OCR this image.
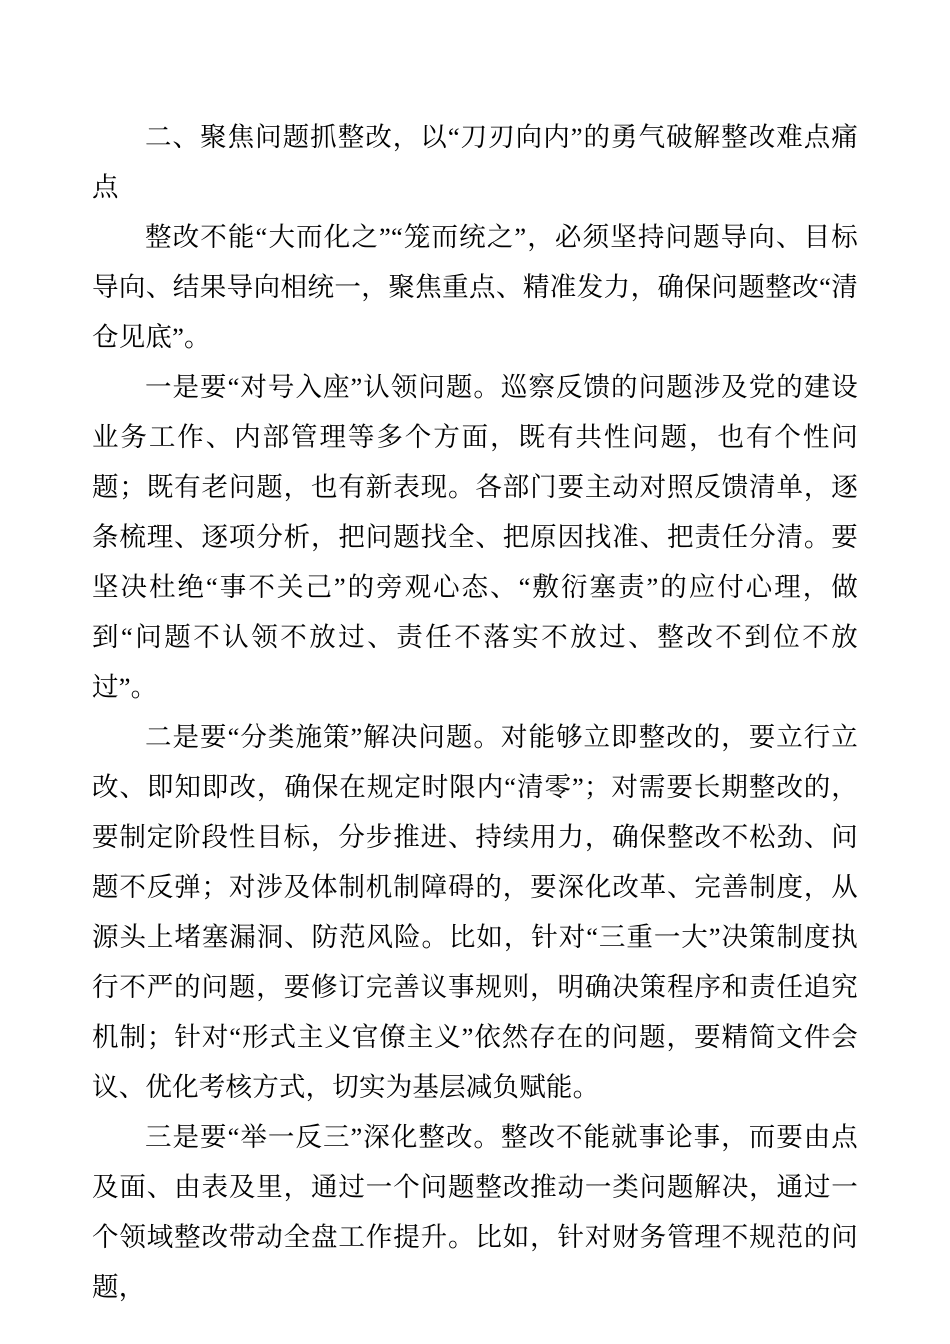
二、聚焦问题抓整改，以“刀刃向内”的勇气破解整改难点痛点

整改不能“大而化之”“笼而统之”，必须坚持问题导向、目标导向、结果导向相统一，聚焦重点、精准发力，确保问题整改“清仓见底”。

一是要“对号入座”认领问题。巡察反馈的问题涉及党的建设业务工作、内部管理等多个方面，既有共性问题，也有个性问题；既有老问题，也有新表现。各部门要主动对照反馈清单，逐条梳理、逐项分析，把问题找全、把原因找准、把责任分清。要坚决杜绝“事不关己”的旁观心态、“敷衍塞责”的应付心理，做到“问题不认领不放过、责任不落实不放过、整改不到位不放过”。

二是要“分类施策”解决问题。对能够立即整改的，要立行立改、即知即改，确保在规定时限内“清零”；对需要长期整改的，要制定阶段性目标，分步推进、持续用力，确保整改不松劲、问题不反弹；对涉及体制机制障碍的，要深化改革、完善制度，从源头上堵塞漏洞、防范风险。比如，针对“三重一大”决策制度执行不严的问题，要修订完善议事规则，明确决策程序和责任追究机制；针对“形式主义官僚主义”依然存在的问题，要精简文件会议、优化考核方式，切实为基层减负赋能。

三是要“举一反三”深化整改。整改不能就事论事，而要由点及面、由表及里，通过一个问题整改推动一类问题解决，通过一个领域整改带动全盘工作提升。比如，针对财务管理不规范的问题，
